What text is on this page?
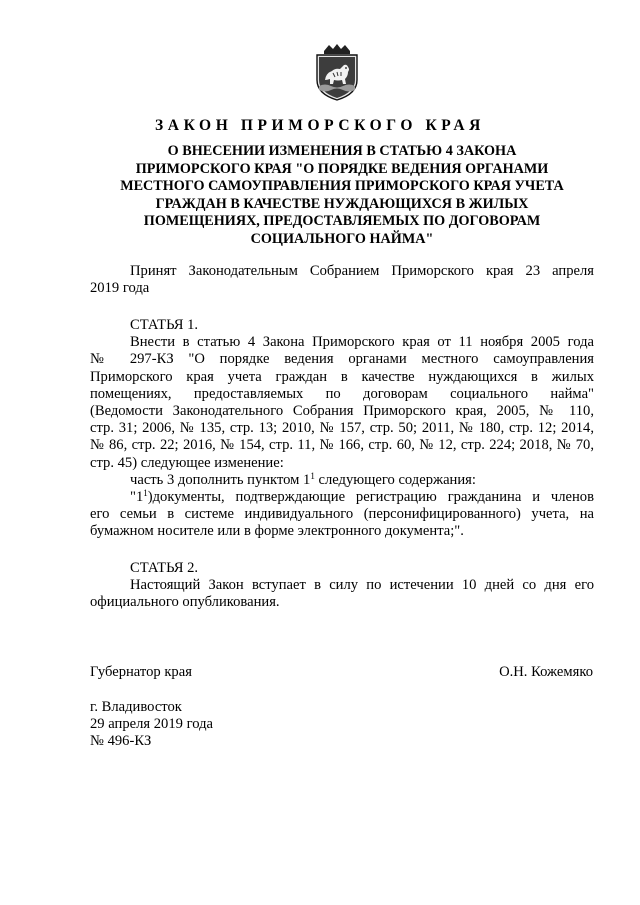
ЗАКОН ПРИМОРСКОГО КРАЯ
О ВНЕСЕНИИ ИЗМЕНЕНИЯ В СТАТЬЮ 4 ЗАКОНА
ПРИМОРСКОГО КРАЯ "О ПОРЯДКЕ ВЕДЕНИЯ ОРГАНАМИ
МЕСТНОГО САМОУПРАВЛЕНИЯ ПРИМОРСКОГО КРАЯ УЧЕТА
ГРАЖДАН В КАЧЕСТВЕ НУЖДАЮЩИХСЯ В ЖИЛЫХ
ПОМЕЩЕНИЯХ, ПРЕДОСТАВЛЯЕМЫХ ПО ДОГОВОРАМ
СОЦИАЛЬНОГО НАЙМА"
Принят Законодательным Собранием Приморского края 23 апреля
2019 года
СТАТЬЯ 1.
Внести в статью 4 Закона Приморского края от 11 ноября 2005 года
№ 297-КЗ "О порядке ведения органами местного самоуправления
Приморского края учета граждан в качестве нуждающихся в жилых
помещениях, предоставляемых по договорам социального найма"
(Ведомости Законодательного Собрания Приморского края, 2005, № 110,
стр. 31; 2006, № 135, стр. 13; 2010, № 157, стр. 50; 2011, № 180, стр. 12; 2014,
№ 86, стр. 22; 2016, № 154, стр. 11, № 166, стр. 60, № 12, стр. 224; 2018, № 70,
стр. 45) следующее изменение:
часть 3 дополнить пунктом $1^1$ следующего содержания:
"$1^1)документы$, подтверждающие регистрацию гражданина и членов
его семьи в системе индивидуального (персонифицированного) учета, на
бумажном носителе или в форме электронного документа;".
СТАТЬЯ 2.
Настоящий Закон вступает в силу по истечении 10 дней со дня его
официального опубликования.
Губернатор края	О.Н. Кожемяко
г. Владивосток
29 апреля 2019 года
№ 496-КЗ
